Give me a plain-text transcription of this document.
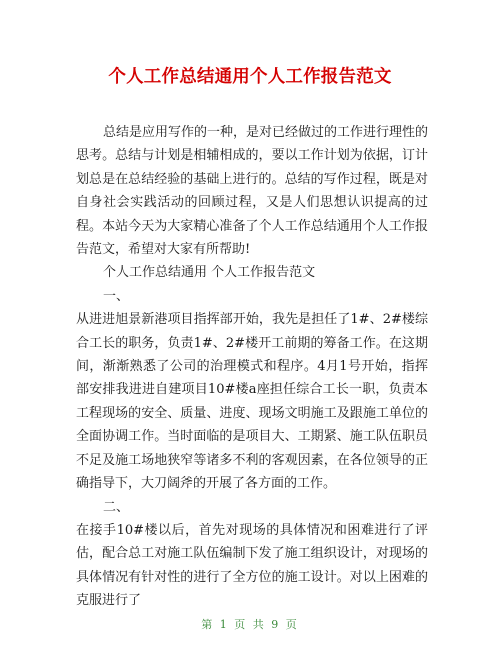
个人工作总结通用个人工作报告范文

总结是应用写作的一种，是对已经做过的工作进行理性的思考。总结与计划是相辅相成的，要以工作计划为依据，订计划总是在总结经验的基础上进行的。总结的写作过程，既是对自身社会实践活动的回顾过程，又是人们思想认识提高的过程。本站今天为大家精心准备了个人工作总结通用个人工作报告范文，希望对大家有所帮助!

个人工作总结通用 个人工作报告范文

一、

从进进旭景新港项目指挥部开始，我先是担任了1#、2#楼综合工长的职务，负责1#、2#楼开工前期的筹备工作。在这期间，渐渐熟悉了公司的治理模式和程序。4月1号开始，指挥部安排我进进自建项目10#楼a座担任综合工长一职，负责本工程现场的安全、质量、进度、现场文明施工及跟施工单位的全面协调工作。当时面临的是项目大、工期紧、施工队伍职员不足及施工场地狭窄等诸多不利的客观因素，在各位领导的正确指导下，大刀阔斧的开展了各方面的工作。

二、

在接手10#楼以后，首先对现场的具体情况和困难进行了评估，配合总工对施工队伍编制下发了施工组织设计，对现场的具体情况有针对性的进行了全方位的施工设计。对以上困难的克服进行了

第 1 页 共 9 页
